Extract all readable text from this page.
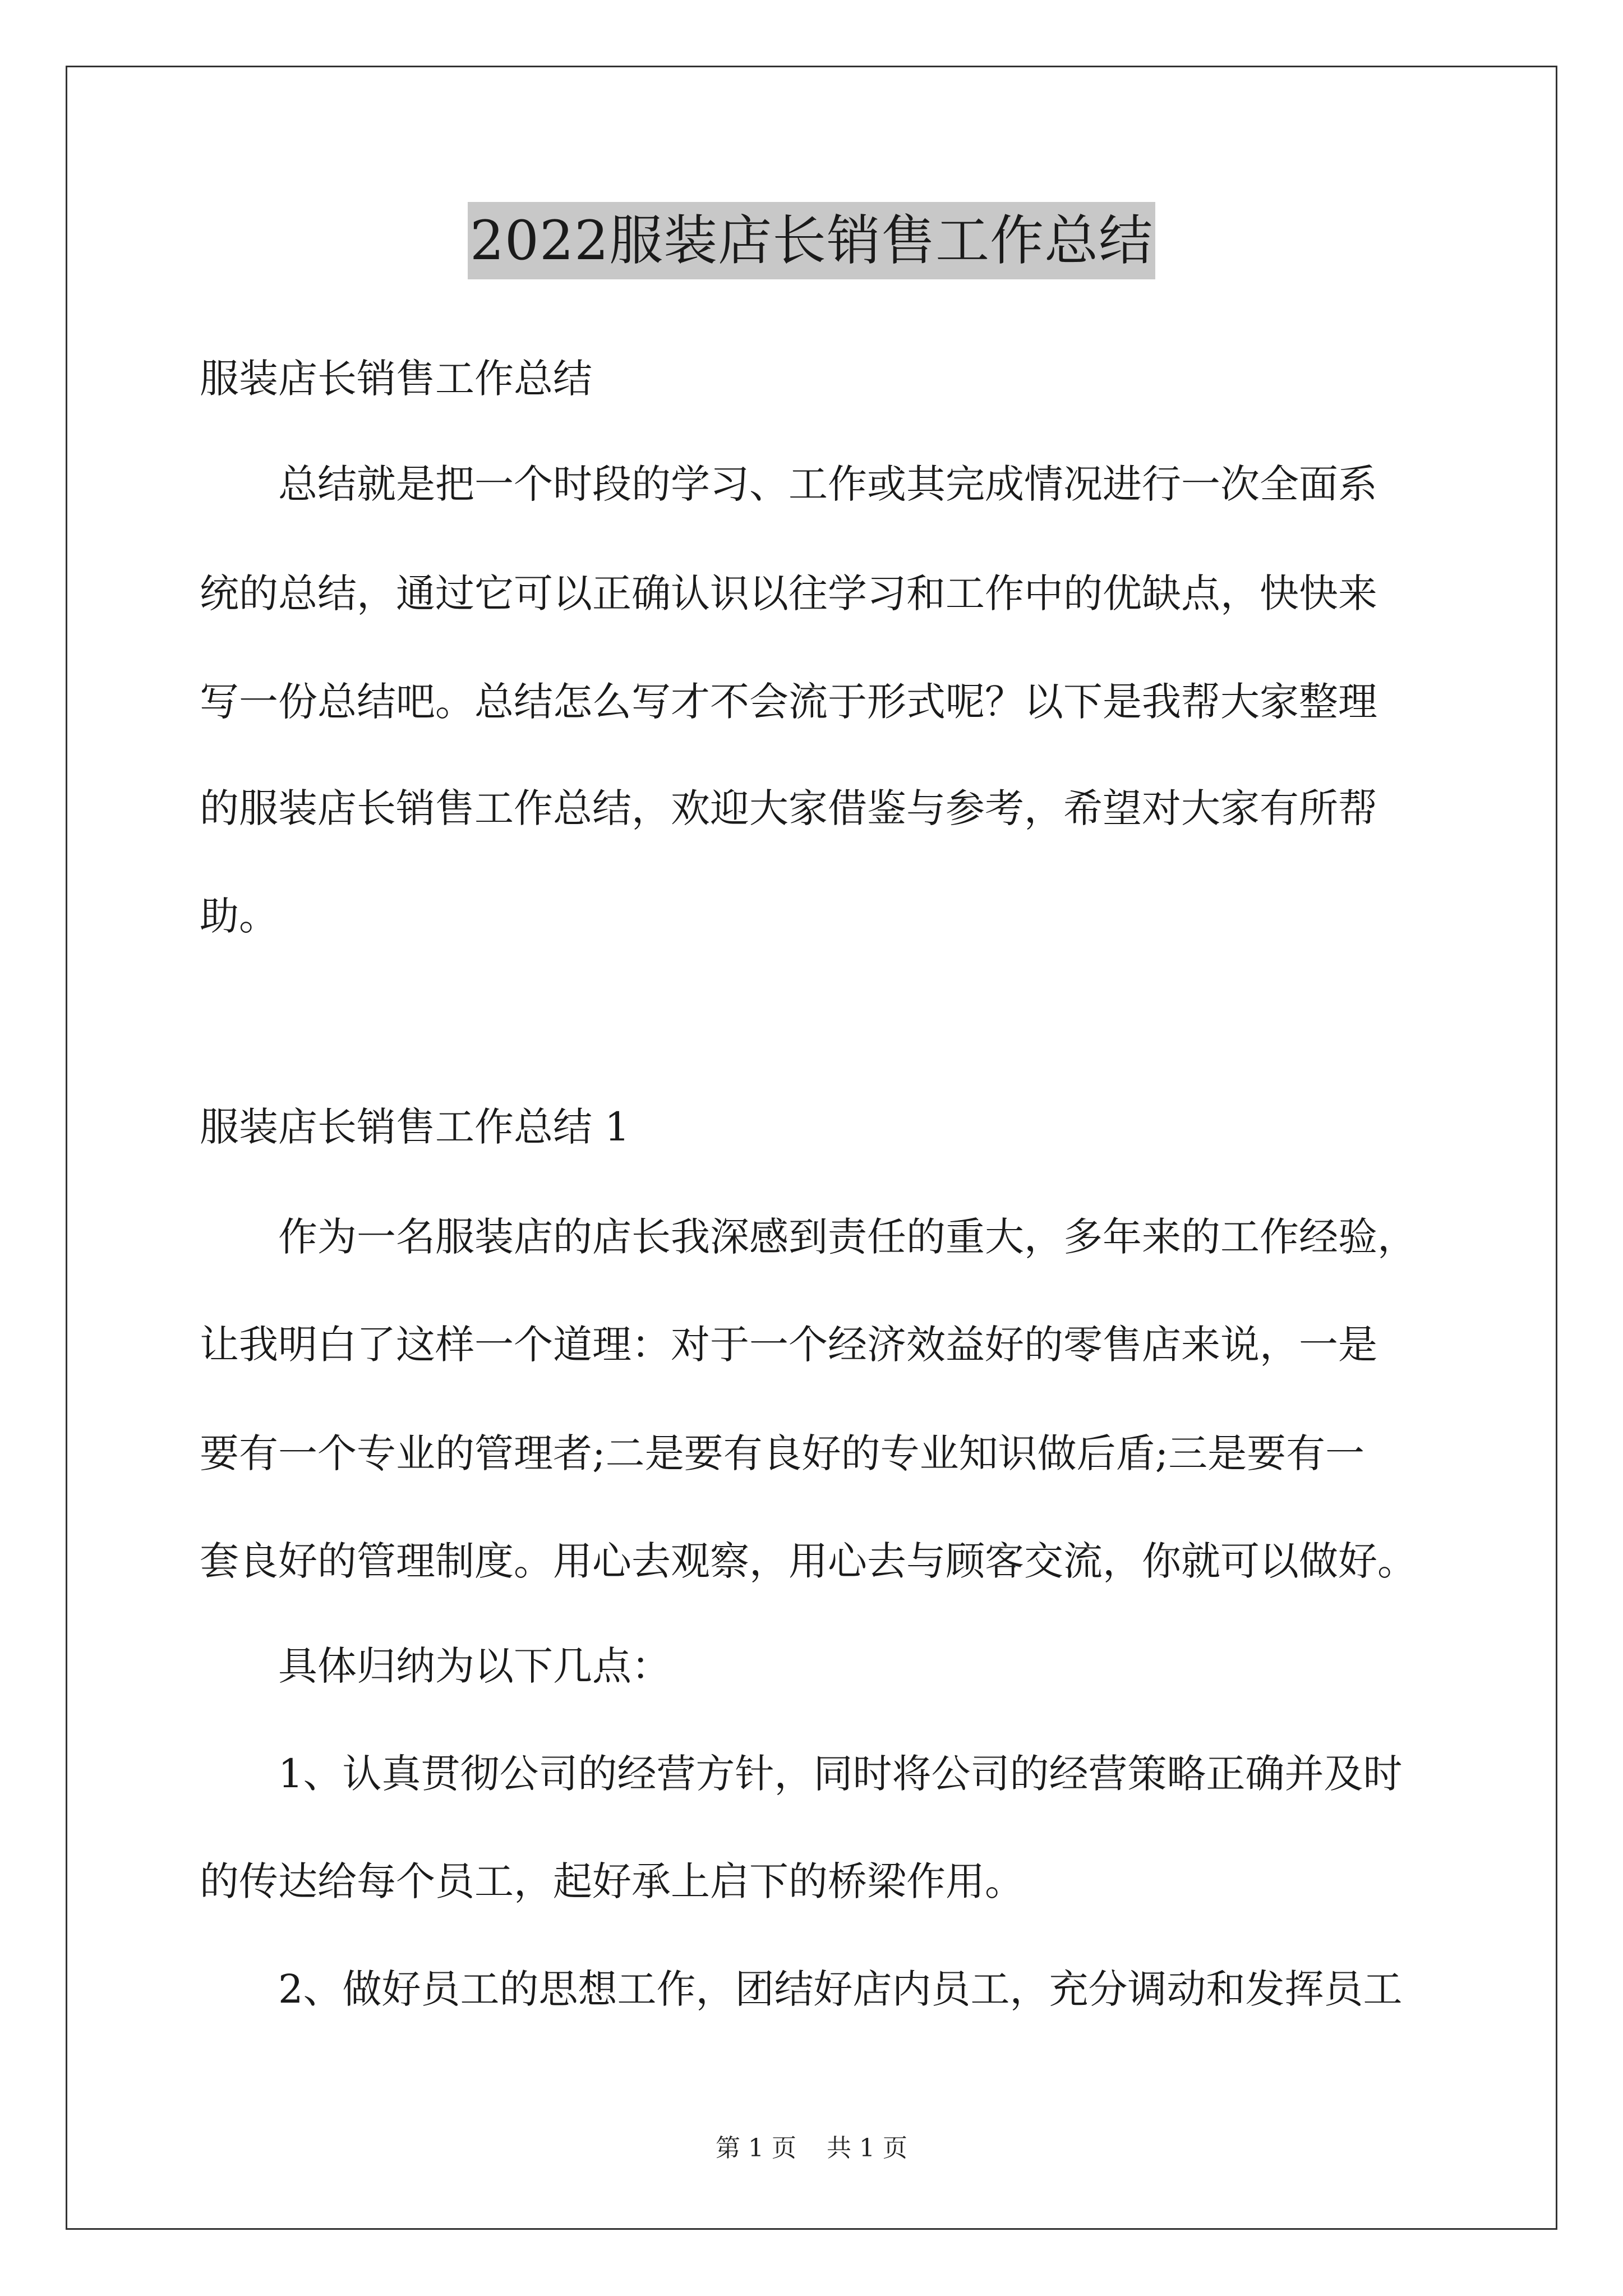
2022服装店长销售工作总结
服装店长销售工作总结
总结就是把一个时段的学习、工作或其完成情况进行一次全面系
统的总结，通过它可以正确认识以往学习和工作中的优缺点，快快来
写一份总结吧。总结怎么写才不会流于形式呢？以下是我帮大家整理
的服装店长销售工作总结，欢迎大家借鉴与参考，希望对大家有所帮
助。
服装店长销售工作总结 1
作为一名服装店的店长我深感到责任的重大，多年来的工作经验，
让我明白了这样一个道理：对于一个经济效益好的零售店来说，一是
要有一个专业的管理者;二是要有良好的专业知识做后盾;三是要有一
套良好的管理制度。用心去观察，用心去与顾客交流，你就可以做好。
具体归纳为以下几点：
1、认真贯彻公司的经营方针，同时将公司的经营策略正确并及时
的传达给每个员工，起好承上启下的桥梁作用。
2、做好员工的思想工作，团结好店内员工，充分调动和发挥员工
第 1 页 共 1 页
